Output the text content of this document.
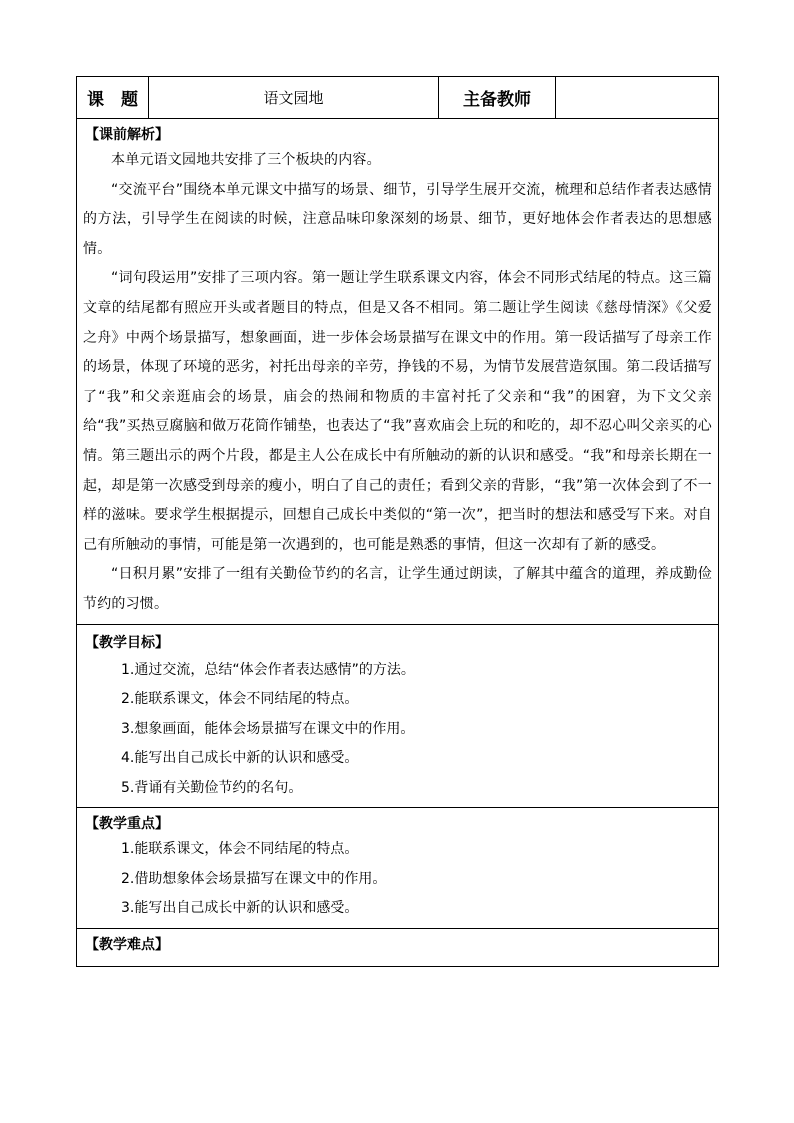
课　题	语文园地	主备教师	

【课前解析】

本单元语文园地共安排了三个板块的内容。

“交流平台”围绕本单元课文中描写的场景、细节，引导学生展开交流，梳理和总结作者表达感情的方法，引导学生在阅读的时候，注意品味印象深刻的场景、细节，更好地体会作者表达的思想感情。

“词句段运用”安排了三项内容。第一题让学生联系课文内容，体会不同形式结尾的特点。这三篇文章的结尾都有照应开头或者题目的特点，但是又各不相同。第二题让学生阅读《慈母情深》《父爱之舟》中两个场景描写，想象画面，进一步体会场景描写在课文中的作用。第一段话描写了母亲工作的场景，体现了环境的恶劣，衬托出母亲的辛劳，挣钱的不易，为情节发展营造氛围。第二段话描写了“我”和父亲逛庙会的场景，庙会的热闹和物质的丰富衬托了父亲和“我”的困窘，为下文父亲给“我”买热豆腐脑和做万花筒作铺垫，也表达了“我”喜欢庙会上玩的和吃的，却不忍心叫父亲买的心情。第三题出示的两个片段，都是主人公在成长中有所触动的新的认识和感受。“我”和母亲长期在一起，却是第一次感受到母亲的瘦小，明白了自己的责任；看到父亲的背影，“我”第一次体会到了不一样的滋味。要求学生根据提示，回想自己成长中类似的“第一次”，把当时的想法和感受写下来。对自己有所触动的事情，可能是第一次遇到的，也可能是熟悉的事情，但这一次却有了新的感受。

“日积月累”安排了一组有关勤俭节约的名言，让学生通过朗读，了解其中蕴含的道理，养成勤俭节约的习惯。

【教学目标】

1.通过交流，总结“体会作者表达感情”的方法。

2.能联系课文，体会不同结尾的特点。

3.想象画面，能体会场景描写在课文中的作用。

4.能写出自己成长中新的认识和感受。

5.背诵有关勤俭节约的名句。

【教学重点】

1.能联系课文，体会不同结尾的特点。

2.借助想象体会场景描写在课文中的作用。

3.能写出自己成长中新的认识和感受。

【教学难点】
